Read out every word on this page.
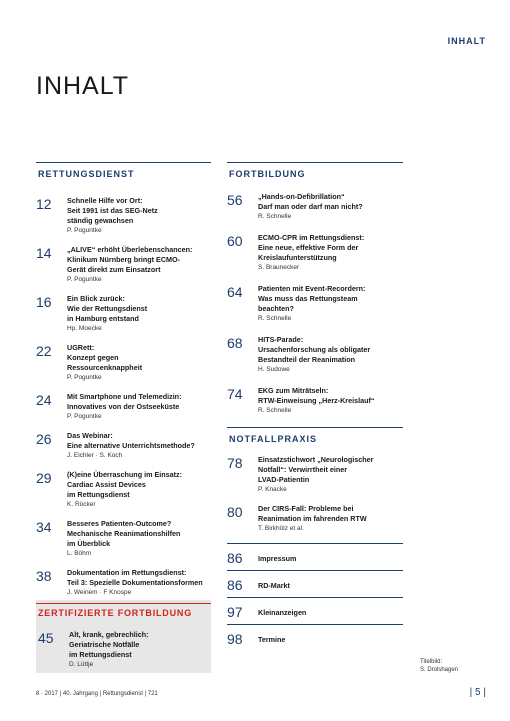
INHALT
INHALT
RETTUNGSDIENST
12	Schnelle Hilfe vor Ort:
Seit 1991 ist das SEG-Netz
ständig gewachsen
P. Poguntke
14	„ALIVE“ erhöht Überlebenschancen:
Klinikum Nürnberg bringt ECMO-
Gerät direkt zum Einsatzort
P. Poguntke
16	Ein Blick zurück:
Wie der Rettungsdienst
in Hamburg entstand
Hp. Moecke
22	UGRett:
Konzept gegen
Ressourcenknappheit
P. Poguntke
24	Mit Smartphone und Telemedizin:
Innovatives von der Ostseeküste
P. Poguntke
26	Das Webinar:
Eine alternative Unterrichtsmethode?
J. Eichler · S. Koch
29	(K)eine Überraschung im Einsatz:
Cardiac Assist Devices
im Rettungsdienst
K. Rücker
34	Besseres Patienten-Outcome?
Mechanische Reanimationshilfen
im Überblick
L. Böhm
38	Dokumentation im Rettungsdienst:
Teil 3: Spezielle Dokumentationsformen
J. Weinem · F Knospe
ZERTIFIZIERTE FORTBILDUNG
45	Alt, krank, gebrechlich:
Geriatrische Notfälle
im Rettungsdienst
D. Lüttje
FORTBILDUNG
56	„Hands-on-Defibrillation“
Darf man oder darf man nicht?
R. Schnelle
60	ECMO-CPR im Rettungsdienst:
Eine neue, effektive Form der
Kreislaufunterstützung
S. Braunecker
64	Patienten mit Event-Recordern:
Was muss das Rettungsteam
beachten?
R. Schnelle
68	HITS-Parade:
Ursachenforschung als obligater
Bestandteil der Reanimation
H. Sudowe
74	EKG zum Mitrātseln:
RTW-Einweisung „Herz-Kreislauf“
R. Schnelle
NOTFALLPRAXIS
78	Einsatzstichwort „Neurologischer
Notfall“: Verwirrtheit einer
LVAD-Patientin
P. Knacke
80	Der CIRS-Fall: Probleme bei
Reanimation im fahrenden RTW
T. Birkhölz et al.
86	Impressum
86	RD-Markt
97	Kleinanzeigen
98	Termine
Titelbild:
S. Drolshagen
8 · 2017 | 40. Jahrgang | Rettungsdienst | 721	| 5 |
